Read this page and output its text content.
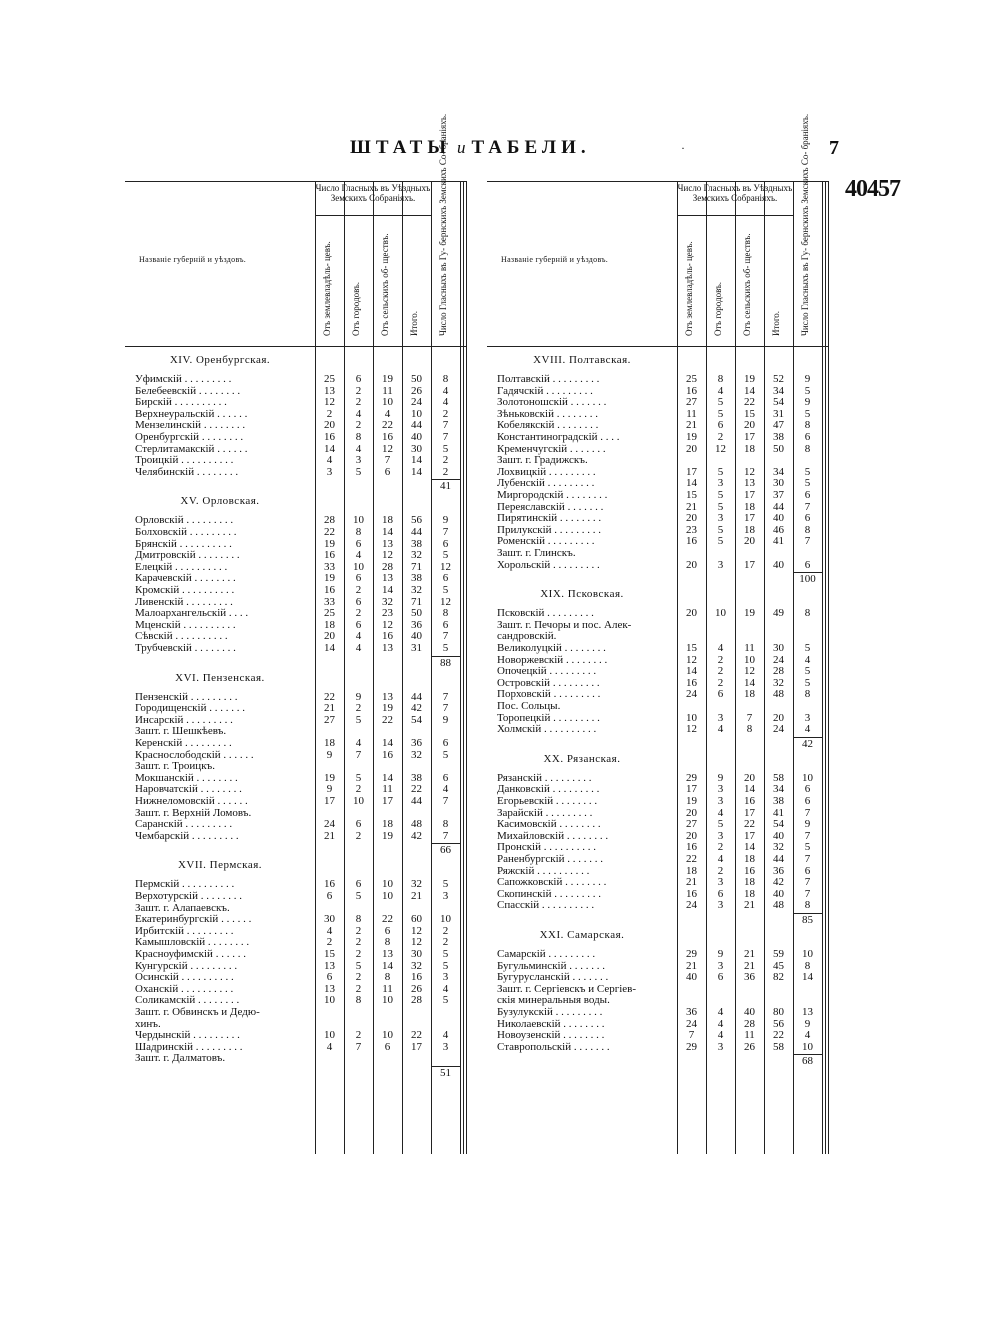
ШТАТЫ и ТАБЕЛИ.	·	7
40457
Число Гласныхъ въ Уѣздныхъ Земскихъ Собраніяхъ.
Названіе губерній и уѣздовъ.	Отъ землевладѣль- цевъ. Отъ городовъ. Отъ сельскихъ об- ществъ. Итого. Число Гласныхъ въ Гу- бернскихъ Земскихъ Со- браніяхъ.
XIV. Оренбургская.
Уфимскій . . . . . . . . .	25	6	19	50	8
Белебеевскій . . . . . . . .	13	2	11	26	4
Бирскій . . . . . . . . . .	12	2	10	24	4
Верхнеуральскій . . . . . .	2	4	4	10	2
Мензелинскій . . . . . . . .	20	2	22	44	7
Оренбургскій . . . . . . . .	16	8	16	40	7
Стерлитамакскій . . . . . .	14	4	12	30	5
Троицкій . . . . . . . . . .	4	3	7	14	2
Челябинскій . . . . . . . .	3	5	6	14	2
41
XV. Орловская.
Орловскій . . . . . . . . .	28	10	18	56	9
Болховскій . . . . . . . . .	22	8	14	44	7
Брянскій . . . . . . . . . .	19	6	13	38	6
Дмитровскій . . . . . . . .	16	4	12	32	5
Елецкій . . . . . . . . . .	33	10	28	71	12
Карачевскій . . . . . . . .	19	6	13	38	6
Кромскій . . . . . . . . . .	16	2	14	32	5
Ливенскій . . . . . . . . .	33	6	32	71	12
Малоархангельскій . . . .	25	2	23	50	8
Мценскій . . . . . . . . . .	18	6	12	36	6
Сѣвскій . . . . . . . . . .	20	4	16	40	7
Трубчевскій . . . . . . . .	14	4	13	31	5
88
XVI. Пензенская.
Пензенскій . . . . . . . . .	22	9	13	44	7
Городищенскій . . . . . . .	21	2	19	42	7
Инсарскій . . . . . . . . .	27	5	22	54	9
Зашт. г. Шешкѣевъ.
Керенскій . . . . . . . . .	18	4	14	36	6
Краснослободскій . . . . . .	9	7	16	32	5
Зашт. г. Троицкъ.
Мокшанскій . . . . . . . .	19	5	14	38	6
Наровчатскій . . . . . . . .	9	2	11	22	4
Нижнеломовскій . . . . . .	17	10	17	44	7
Зашт. г. Верхній Ломовъ.
Саранскій . . . . . . . . .	24	6	18	48	8
Чембарскій . . . . . . . . .	21	2	19	42	7
66
XVII. Пермская.
Пермскій . . . . . . . . . .	16	6	10	32	5
Верхотурскій . . . . . . . .	6	5	10	21	3
Зашт. г. Алапаевскъ.
Екатеринбургскій . . . . . .	30	8	22	60	10
Ирбитскій . . . . . . . . .	4	2	6	12	2
Камышловскій . . . . . . . .	2	2	8	12	2
Красноуфимскій . . . . . .	15	2	13	30	5
Кунгурскій . . . . . . . . .	13	5	14	32	5
Осинскій . . . . . . . . . .	6	2	8	16	3
Оханскій . . . . . . . . . .	13	2	11	26	4
Соликамскій . . . . . . . .	10	8	10	28	5
Зашт. г. Обвинскъ и Дедю-
хинъ.
Чердынскій . . . . . . . . .	10	2	10	22	4
Шадринскій . . . . . . . . .	4	7	6	17	3
Зашт. г. Далматовъ.
51
Число Гласныхъ въ Уѣздныхъ Земскихъ Собраніяхъ.
Названіе губерній и уѣздовъ.	Отъ землевладѣль- цевъ. Отъ городовъ. Отъ сельскихъ об- ществъ. Итого. Число Гласныхъ въ Гу- бернскихъ Земскихъ Со- браніяхъ.
XVIII. Полтавская.
Полтавскій . . . . . . . . .	25	8	19	52	9
Гадячскій . . . . . . . . .	16	4	14	34	5
Золотоношскій . . . . . . .	27	5	22	54	9
Зѣньковскій . . . . . . . .	11	5	15	31	5
Кобелякскій . . . . . . . .	21	6	20	47	8
Константиноградскій . . . .	19	2	17	38	6
Кременчугскій . . . . . . .	20	12	18	50	8
Зашт. г. Градижскъ.
Лохвицкій . . . . . . . . .	17	5	12	34	5
Лубенскій . . . . . . . . .	14	3	13	30	5
Миргородскій . . . . . . . .	15	5	17	37	6
Переяславскій . . . . . . .	21	5	18	44	7
Пирятинскій . . . . . . . .	20	3	17	40	6
Прилукскій . . . . . . . . .	23	5	18	46	8
Роменскій . . . . . . . . .	16	5	20	41	7
Зашт. г. Глинскъ.
Хорольскій . . . . . . . . .	20	3	17	40	6
100
XIX. Псковская.
Псковскій . . . . . . . . .	20	10	19	49	8
Зашт. г. Печоры и пос. Алек-
сандровскій.
Великолуцкій . . . . . . . .	15	4	11	30	5
Новоржевскій . . . . . . . .	12	2	10	24	4
Опочецкій . . . . . . . . .	14	2	12	28	5
Островскій . . . . . . . . .	16	2	14	32	5
Порховскій . . . . . . . . .	24	6	18	48	8
Пос. Сольцы.
Торопецкій . . . . . . . . .	10	3	7	20	3
Холмскій . . . . . . . . . .	12	4	8	24	4
42
XX. Рязанская.
Рязанскій . . . . . . . . .	29	9	20	58	10
Данковскій . . . . . . . . .	17	3	14	34	6
Егорьевскій . . . . . . . .	19	3	16	38	6
Зарайскій . . . . . . . . .	20	4	17	41	7
Касимовскій . . . . . . . .	27	5	22	54	9
Михайловскій . . . . . . . .	20	3	17	40	7
Пронскій . . . . . . . . . .	16	2	14	32	5
Раненбургскій . . . . . . .	22	4	18	44	7
Ряжскій . . . . . . . . . .	18	2	16	36	6
Сапожковскій . . . . . . . .	21	3	18	42	7
Скопинскій . . . . . . . . .	16	6	18	40	7
Спасскій . . . . . . . . . .	24	3	21	48	8
85
XXI. Самарская.
Самарскій . . . . . . . . .	29	9	21	59	10
Бугульминскій . . . . . . .	21	3	21	45	8
Бугурусланскій . . . . . . .	40	6	36	82	14
Зашт. г. Сергіевскъ и Сергіев-
скія минеральныя воды.
Бузулукскій . . . . . . . . .	36	4	40	80	13
Николаевскій . . . . . . . .	24	4	28	56	9
Новоузенскій . . . . . . . .	7	4	11	22	4
Ставропольскій . . . . . . .	29	3	26	58	10
68
